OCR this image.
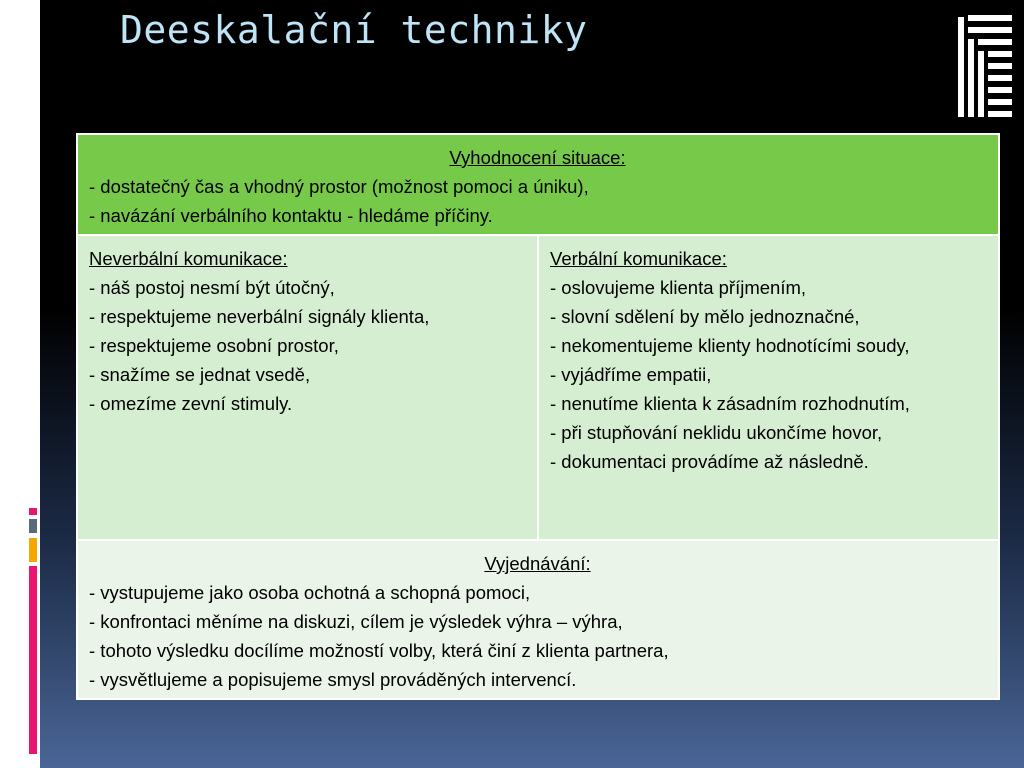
Deeskalační techniky
Vyhodnocení situace:
- dostatečný čas a vhodný prostor (možnost pomoci a úniku),
- navázání verbálního kontaktu - hledáme příčiny.

Neverbální komunikace:
- náš postoj nesmí být útočný,
- respektujeme neverbální signály klienta,
- respektujeme osobní prostor,
- snažíme se jednat vsedě,
- omezíme zevní stimuly.

Verbální komunikace:
- oslovujeme klienta příjmením,
- slovní sdělení by mělo jednoznačné,
- nekomentujeme klienty hodnotícími soudy,
- vyjádříme empatii,
- nenutíme klienta k zásadním rozhodnutím,
- při stupňování neklidu ukončíme hovor,
- dokumentaci provádíme až následně.

Vyjednávání:
- vystupujeme jako osoba ochotná a schopná pomoci,
- konfrontaci měníme na diskuzi, cílem je výsledek výhra – výhra,
- tohoto výsledku docílíme možností volby, která činí z klienta partnera,
- vysvětlujeme a popisujeme smysl prováděných intervencí.
